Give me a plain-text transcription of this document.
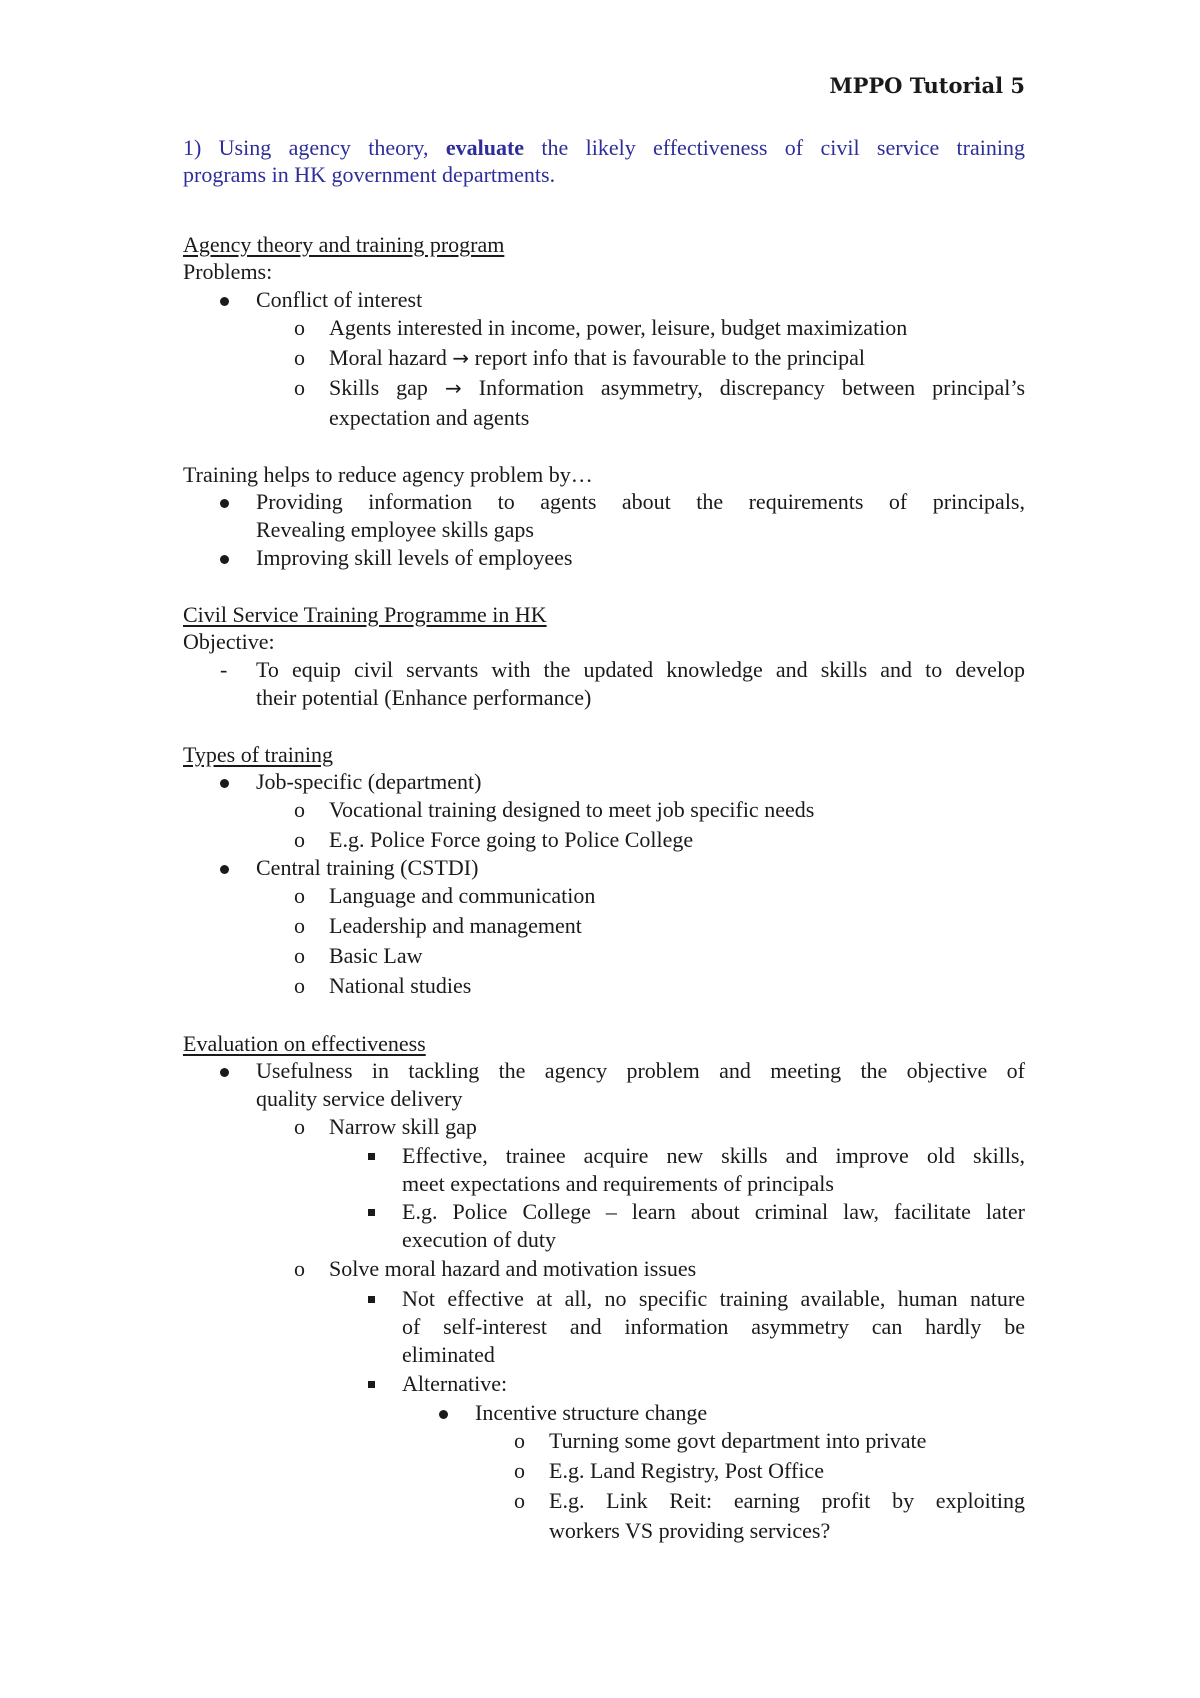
MPPO Tutorial 5
1) Using agency theory, evaluate the likely effectiveness of civil service training
programs in HK government departments.
Agency theory and training program
Problems:
Conflict of interest
o Agents interested in income, power, leisure, budget maximization
o Moral hazard → report info that is favourable to the principal
o Skills gap → Information asymmetry, discrepancy between principal’s
expectation and agents
Training helps to reduce agency problem by…
Providing information to agents about the requirements of principals,
Revealing employee skills gaps
Improving skill levels of employees
Civil Service Training Programme in HK
Objective:
- To equip civil servants with the updated knowledge and skills and to develop
their potential (Enhance performance)
Types of training
Job-specific (department)
o Vocational training designed to meet job specific needs
o E.g. Police Force going to Police College
Central training (CSTDI)
o Language and communication
o Leadership and management
o Basic Law
o National studies
Evaluation on effectiveness
Usefulness in tackling the agency problem and meeting the objective of
quality service delivery
o Narrow skill gap
Effective, trainee acquire new skills and improve old skills,
meet expectations and requirements of principals
E.g. Police College – learn about criminal law, facilitate later
execution of duty
o Solve moral hazard and motivation issues
Not effective at all, no specific training available, human nature
of self-interest and information asymmetry can hardly be
eliminated
Alternative:
Incentive structure change
o Turning some govt department into private
o E.g. Land Registry, Post Office
o E.g. Link Reit: earning profit by exploiting
workers VS providing services?
